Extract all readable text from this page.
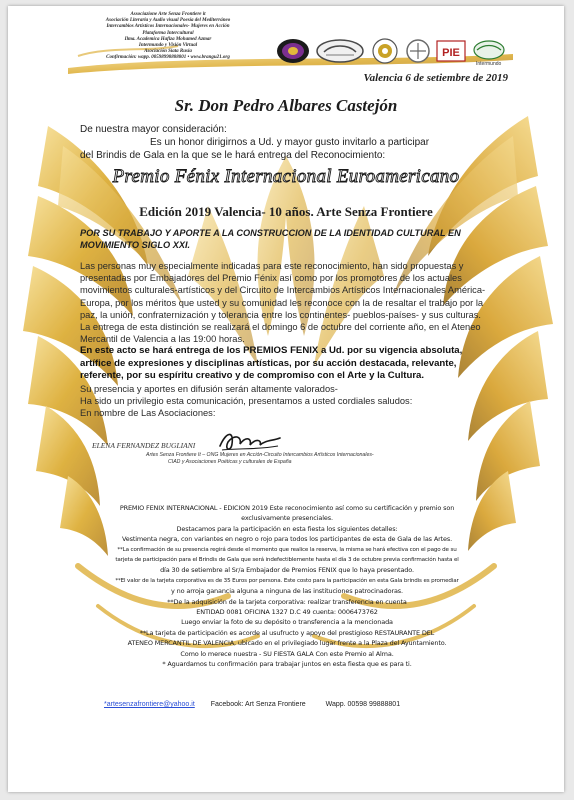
Associazione Arte Senza Frontiere it
Asociación Literaria y Audio visual Poesía del Mediterráneo
Intercambios Artísticos Internacionales- Mujeres en Acción
Plataforma Intercultural
Ilma. Academica Hafiza Mohamed Azmar
Intermundo y Visión Virtual
Asociación Siata Rusia
Confirmación: wapp. 00598998888801 • www.brangu21.org	PIE
Intermundo
Valencia 6 de setiembre de 2019
Sr. Don Pedro Albares Castejón
De nuestra mayor consideración:
Es un honor dirigirnos a Ud. y mayor gusto invitarlo a participar
del Brindis de Gala en la que se le hará entrega del Reconocimiento:
Premio Fénix Internacional Euroamericano
Edición 2019 Valencia- 10 años. Arte Senza Frontiere
POR SU TRABAJO Y APORTE A LA CONSTRUCCION DE LA IDENTIDAD CULTURAL EN MOVIMIENTO SIGLO XXI.

Las personas muy especialmente indicadas para este reconocimiento, han sido propuestas y presentadas por Embajadores del Premio Fénix así como por los promotores de los actuales movimientos culturales-artísticos y del Circuito de Intercambios Artísticos Internacionales América-Europa, por los méritos que usted y su comunidad les reconoce con la de resaltar el trabajo por la paz, la unión, confraternización y tolerancia entre los continentes- pueblos-países- y sus culturas.

La entrega de esta distinción se realizará el domingo 6 de octubre del corriente año, en el Ateneo Mercantil de Valencia a las 19:00 horas.

En este acto se hará entrega de los PREMIOS FENIX a Ud. por su vigencia absoluta, artífice de expresiones y disciplinas artísticas, por su acción destacada, relevante, referente, por su espíritu creativo y de compromiso con el Arte y la Cultura.

Su presencia y aportes en difusión serán altamente valorados-

Ha sido un privilegio esta comunicación, presentamos a usted cordiales saludos:

En nombre de Las Asociaciones:

ELENA FERNANDEZ BUGLIANI
Artes Senza Frontiere It – ONG Mujeres en Acción-Circuito Intercambios Artísticos Internacionales-
CIAD y Asociaciones Poéticas y culturales de España
PREMIO FENIX INTERNACIONAL - EDICION 2019 Este reconocimiento así como su certificación y premio son
exclusivamente presenciales.
Destacamos para la participación en esta fiesta los siguientes detalles:
Vestimenta negra, con variantes en negro o rojo para todos los participantes de esta de Gala de las Artes.
**La confirmación de su presencia regirá desde el momento que realice la reserva, la misma se hará efectiva con el pago de su
tarjeta de participación para el Brindis de Gala que será indefectiblemente hasta el día 3 de octubre previa confirmación hasta el
día 30 de setiembre al Sr/a Embajador de Premios FENIX que lo haya presentado.
**El valor de la tarjeta corporativa es de 35 Euros por persona. Este costo para la participación en esta Gala brindis es promediar
y no arroja ganancia alguna a ninguna de las instituciones patrocinadoras.
**De la adquisición de la tarjeta corporativa: realizar transferencia en cuenta
ENTIDAD 0081 OFICINA 1327 D.C 49 cuenta: 0006473762
Luego enviar la foto de su depósito o transferencia a la mencionada
**La tarjeta de participación es acorde al usufructo y apoyo del prestigioso RESTAURANTE DEL
ATENEO MERCANTIL DE VALENCIA, ubicado en el privilegiado lugar frente a la Plaza del Ayuntamiento.
Como lo merece nuestra - SU FIESTA GALA Con este Premio al Alma.
* Aguardamos tu confirmación para trabajar juntos en esta fiesta que es para ti.
*artesenzafrontiere@yahoo.it Facebook: Art Senza Frontiere	Wapp. 00598 99888801
